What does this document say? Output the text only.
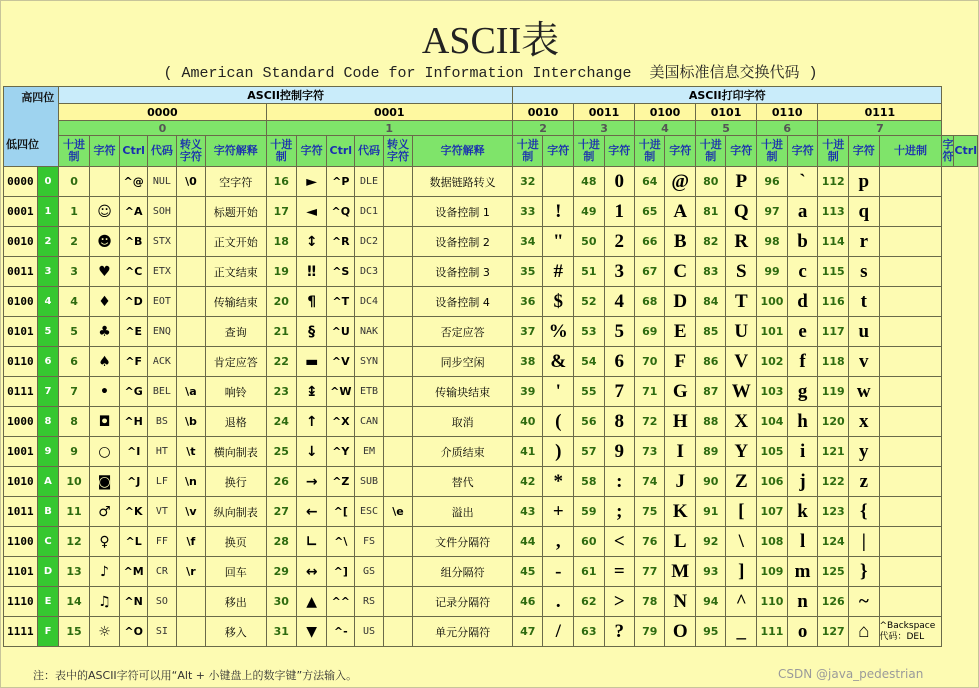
ASCII表
( American Standard Code for Information Interchange  美国标准信息交换代码 )
高四位
低四位		ASCII控制字符												ASCII打印字符														
		0000						0001						0010		0011		0100		0101		0110		0111				
		0						1						2		3		4		5		6		7				
		十进制	字符	Ctrl	代码	转义字符	字符解释	十进制	字符	Ctrl	代码	转义字符	字符解释	十进制	字符	十进制	字符	十进制	字符	十进制	字符	十进制	字符	十进制	字符	十进制	字符	Ctrl
0000	0	0		^@	NUL	\0	空字符	16	►	^P	DLE		数据链路转义	32		48	0	64	@	80	P	96	`	112	p			
0001	1	1	☺	^A	SOH		标题开始	17	◄	^Q	DC1		设备控制 1	33	!	49	1	65	A	81	Q	97	a	113	q			
0010	2	2	☻	^B	STX		正文开始	18	↕	^R	DC2		设备控制 2	34	"	50	2	66	B	82	R	98	b	114	r			
0011	3	3	♥	^C	ETX		正文结束	19	‼	^S	DC3		设备控制 3	35	#	51	3	67	C	83	S	99	c	115	s			
0100	4	4	♦	^D	EOT		传输结束	20	¶	^T	DC4		设备控制 4	36	$	52	4	68	D	84	T	100	d	116	t			
0101	5	5	♣	^E	ENQ		查询	21	§	^U	NAK		否定应答	37	%	53	5	69	E	85	U	101	e	117	u			
0110	6	6	♠	^F	ACK		肯定应答	22	▬	^V	SYN		同步空闲	38	&	54	6	70	F	86	V	102	f	118	v			
0111	7	7	•	^G	BEL	\a	响铃	23	↨	^W	ETB		传输块结束	39	'	55	7	71	G	87	W	103	g	119	w			
1000	8	8	◘	^H	BS	\b	退格	24	↑	^X	CAN		取消	40	(	56	8	72	H	88	X	104	h	120	x			
1001	9	9	○	^I	HT	\t	横向制表	25	↓	^Y	EM		介质结束	41	)	57	9	73	I	89	Y	105	i	121	y			
1010	A	10	◙	^J	LF	\n	换行	26	→	^Z	SUB		替代	42	*	58	:	74	J	90	Z	106	j	122	z			
1011	B	11	♂	^K	VT	\v	纵向制表	27	←	^[	ESC	\e	溢出	43	+	59	;	75	K	91	[	107	k	123	{			
1100	C	12	♀	^L	FF	\f	换页	28	∟	^\	FS		文件分隔符	44	,	60	<	76	L	92	\	108	l	124	|			
1101	D	13	♪	^M	CR	\r	回车	29	↔	^]	GS		组分隔符	45	-	61	=	77	M	93	]	109	m	125	}			
1110	E	14	♫	^N	SO		移出	30	▲	^^	RS		记录分隔符	46	.	62	>	78	N	94	^	110	n	126	~			
1111	F	15	☼	^O	SI		移入	31	▼	^-	US		单元分隔符	47	/	63	?	79	O	95	_	111	o	127	⌂	^Backspace
代码：DEL		
注：表中的ASCII字符可以用“Alt + 小键盘上的数字键”方法输入。	CSDN @java_pedestrian
